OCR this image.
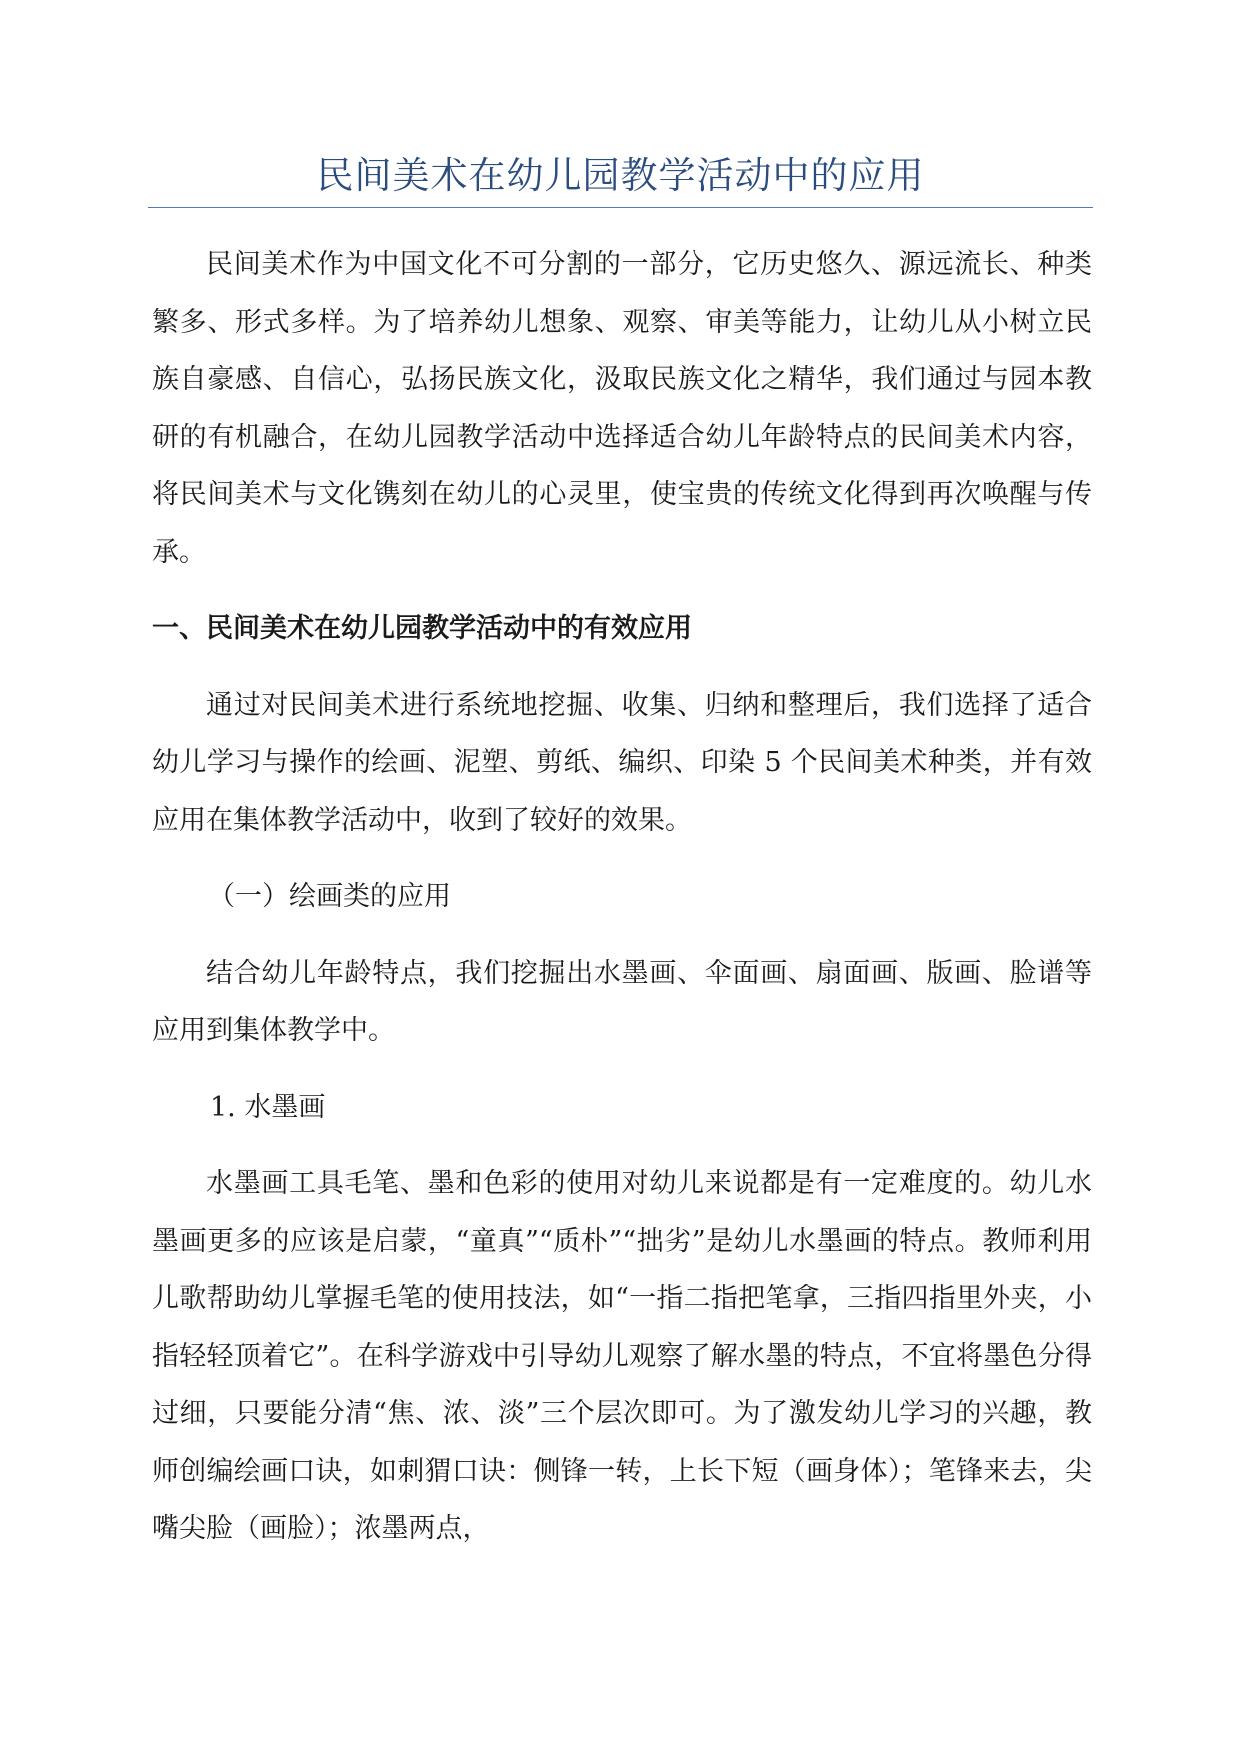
民间美术在幼儿园教学活动中的应用

民间美术作为中国文化不可分割的一部分，它历史悠久、源远流长、种类繁多、形式多样。为了培养幼儿想象、观察、审美等能力，让幼儿从小树立民族自豪感、自信心，弘扬民族文化，汲取民族文化之精华，我们通过与园本教研的有机融合，在幼儿园教学活动中选择适合幼儿年龄特点的民间美术内容，将民间美术与文化镌刻在幼儿的心灵里，使宝贵的传统文化得到再次唤醒与传承。

一、民间美术在幼儿园教学活动中的有效应用

通过对民间美术进行系统地挖掘、收集、归纳和整理后，我们选择了适合幼儿学习与操作的绘画、泥塑、剪纸、编织、印染 5 个民间美术种类，并有效应用在集体教学活动中，收到了较好的效果。

（一）绘画类的应用

结合幼儿年龄特点，我们挖掘出水墨画、伞面画、扇面画、版画、脸谱等应用到集体教学中。

1. 水墨画

水墨画工具毛笔、墨和色彩的使用对幼儿来说都是有一定难度的。幼儿水墨画更多的应该是启蒙，“童真”“质朴”“拙劣”是幼儿水墨画的特点。教师利用儿歌帮助幼儿掌握毛笔的使用技法，如“一指二指把笔拿，三指四指里外夹，小指轻轻顶着它”。在科学游戏中引导幼儿观察了解水墨的特点，不宜将墨色分得过细，只要能分清“焦、浓、淡”三个层次即可。为了激发幼儿学习的兴趣，教师创编绘画口诀，如刺猬口诀：侧锋一转，上长下短（画身体）；笔锋来去，尖嘴尖脸（画脸）；浓墨两点，
